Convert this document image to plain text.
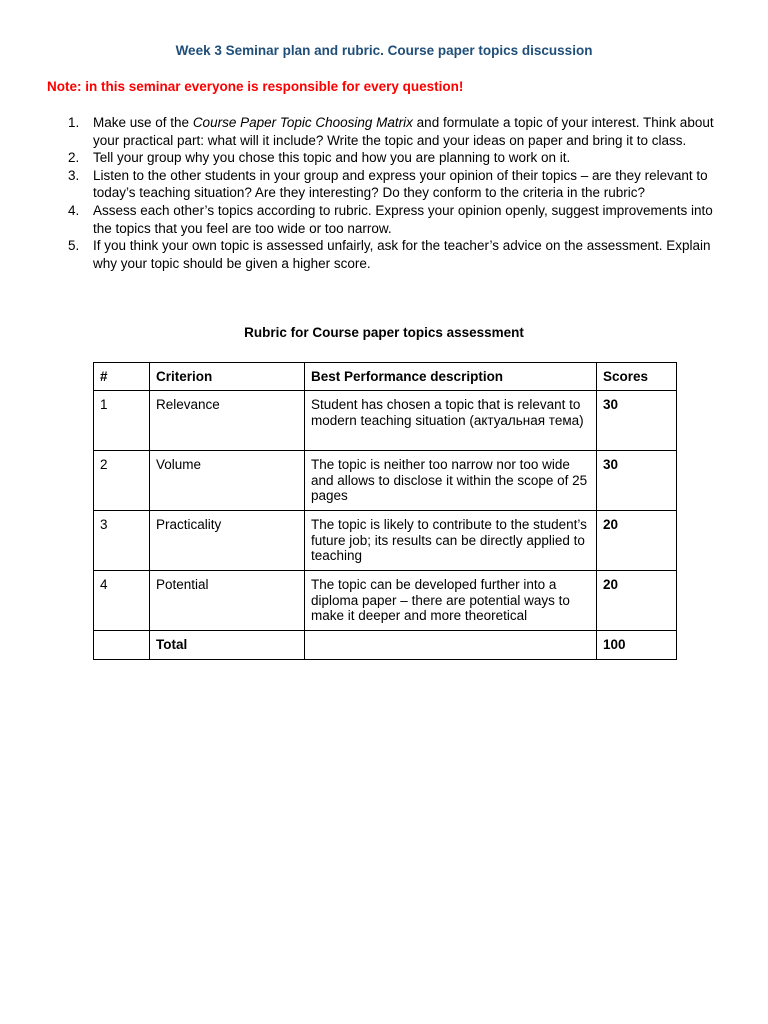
Week 3 Seminar plan and rubric. Course paper topics discussion
Note: in this seminar everyone is responsible for every question!
1. Make use of the Course Paper Topic Choosing Matrix and formulate a topic of your interest. Think about your practical part: what will it include? Write the topic and your ideas on paper and bring it to class.
2. Tell your group why you chose this topic and how you are planning to work on it.
3. Listen to the other students in your group and express your opinion of their topics – are they relevant to today’s teaching situation? Are they interesting? Do they conform to the criteria in the rubric?
4. Assess each other’s topics according to rubric. Express your opinion openly, suggest improvements into the topics that you feel are too wide or too narrow.
5. If you think your own topic is assessed unfairly, ask for the teacher’s advice on the assessment. Explain why your topic should be given a higher score.
Rubric for Course paper topics assessment
#	Criterion	Best Performance description	Scores
1	Relevance	Student has chosen a topic that is relevant to modern teaching situation (актуальная тема)	30
2	Volume	The topic is neither too narrow nor too wide and allows to disclose it within the scope of 25 pages	30
3	Practicality	The topic is likely to contribute to the student’s future job; its results can be directly applied to teaching	20
4	Potential	The topic can be developed further into a diploma paper – there are potential ways to make it deeper and more theoretical	20
	Total		100
